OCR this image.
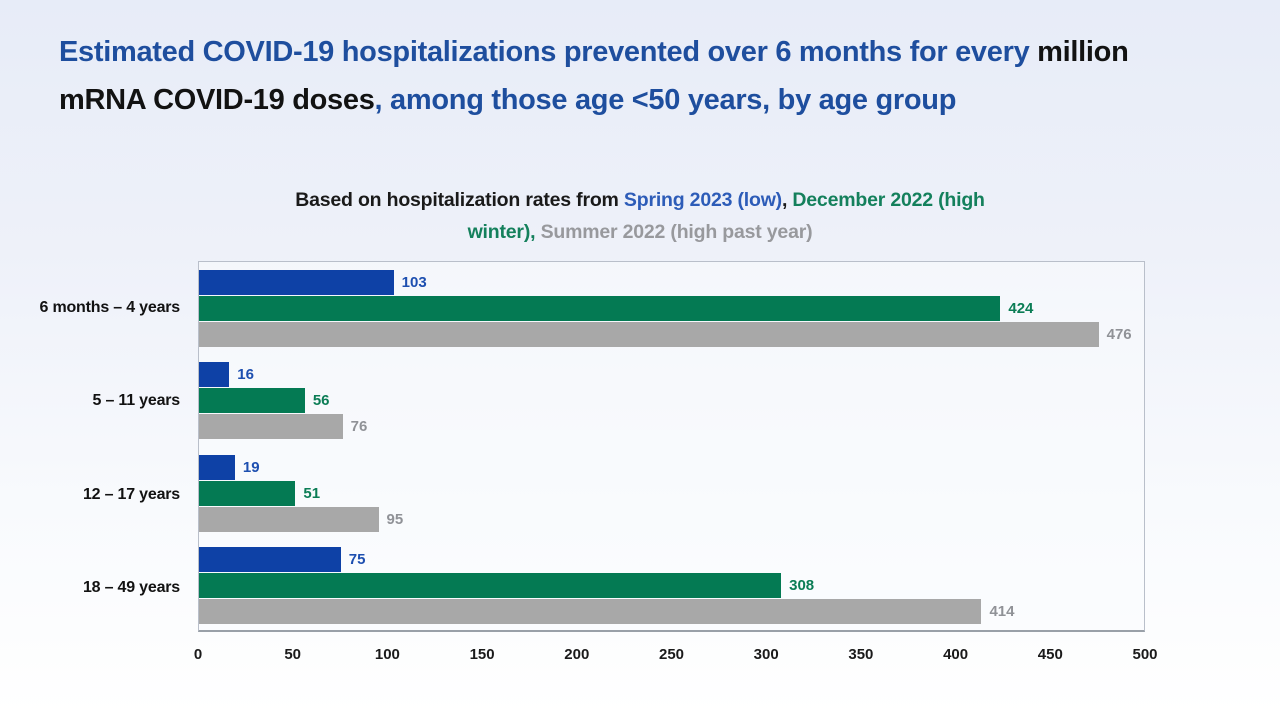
Estimated COVID-19 hospitalizations prevented over 6 months for every million mRNA COVID-19 doses, among those age <50 years, by age group
Based on hospitalization rates from Spring 2023 (low), December 2022 (high winter), Summer 2022 (high past year)
6 months – 4 years
5 – 11 years
12 – 17 years
18 – 49 years
103
424
476
16
56
76
19
51
95
75
308
414
0	50	100	150	200	250	300	350	400	450	500
